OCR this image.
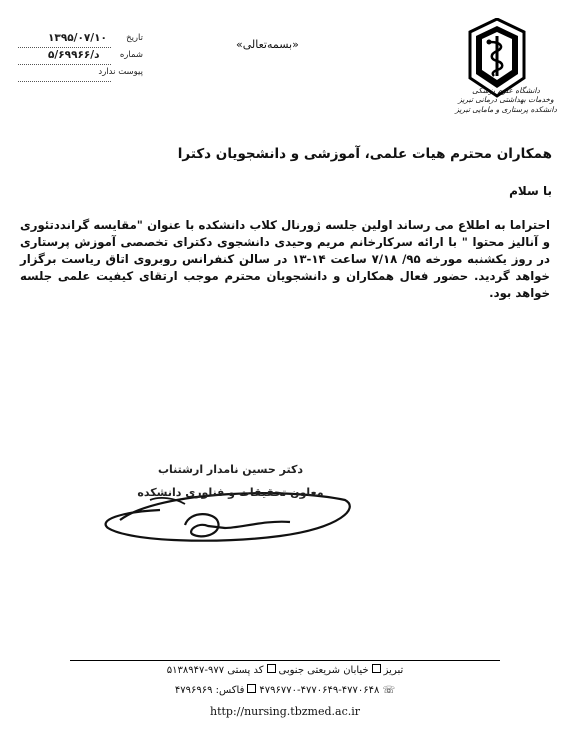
تاریخ
۱۳۹۵/۰۷/۱۰
شماره
۵/د/۶۹۹۶۶
پیوست ندارد
«بسمه‌تعالی»
دانشگاه علوم پزشکی
وخدمات بهداشتی درمانی تبریز
دانشکده پرستاری و مامایی تبریز
همکاران محترم هیات علمی، آموزشی و دانشجویان دکترا
با سلام
احتراما به اطلاع می رساند اولین جلسه ژورنال کلاب دانشکده با عنوان "مقایسه گرانددتئوری و آنالیز محتوا " با ارائه سرکارخانم مریم وحیدی دانشجوی دکترای تخصصی آموزش پرستاری در روز یکشنبه مورخه ۹۵/ ۷/۱۸ ساعت ۱۴-۱۳ در سالن کنفرانس روبروی اتاق ریاست برگزار خواهد گردید. حضور فعال همکاران و دانشجویان محترم موجب ارتقای کیفیت علمی جلسه خواهد بود.
دکتر حسین نامدار ارشتناب
معاون تحقیقات و فناوری دانشکده
تبریزخیابان شریعتی جنوبیکد پستی ۹۷۷-۵۱۳۸۹۴۷
☏ ۴۷۹۶۷۷۰-۴۷۷۰۶۴۹-۴۷۷۰۶۴۸فاکس: ۴۷۹۶۹۶۹
http://nursing.tbzmed.ac.ir
